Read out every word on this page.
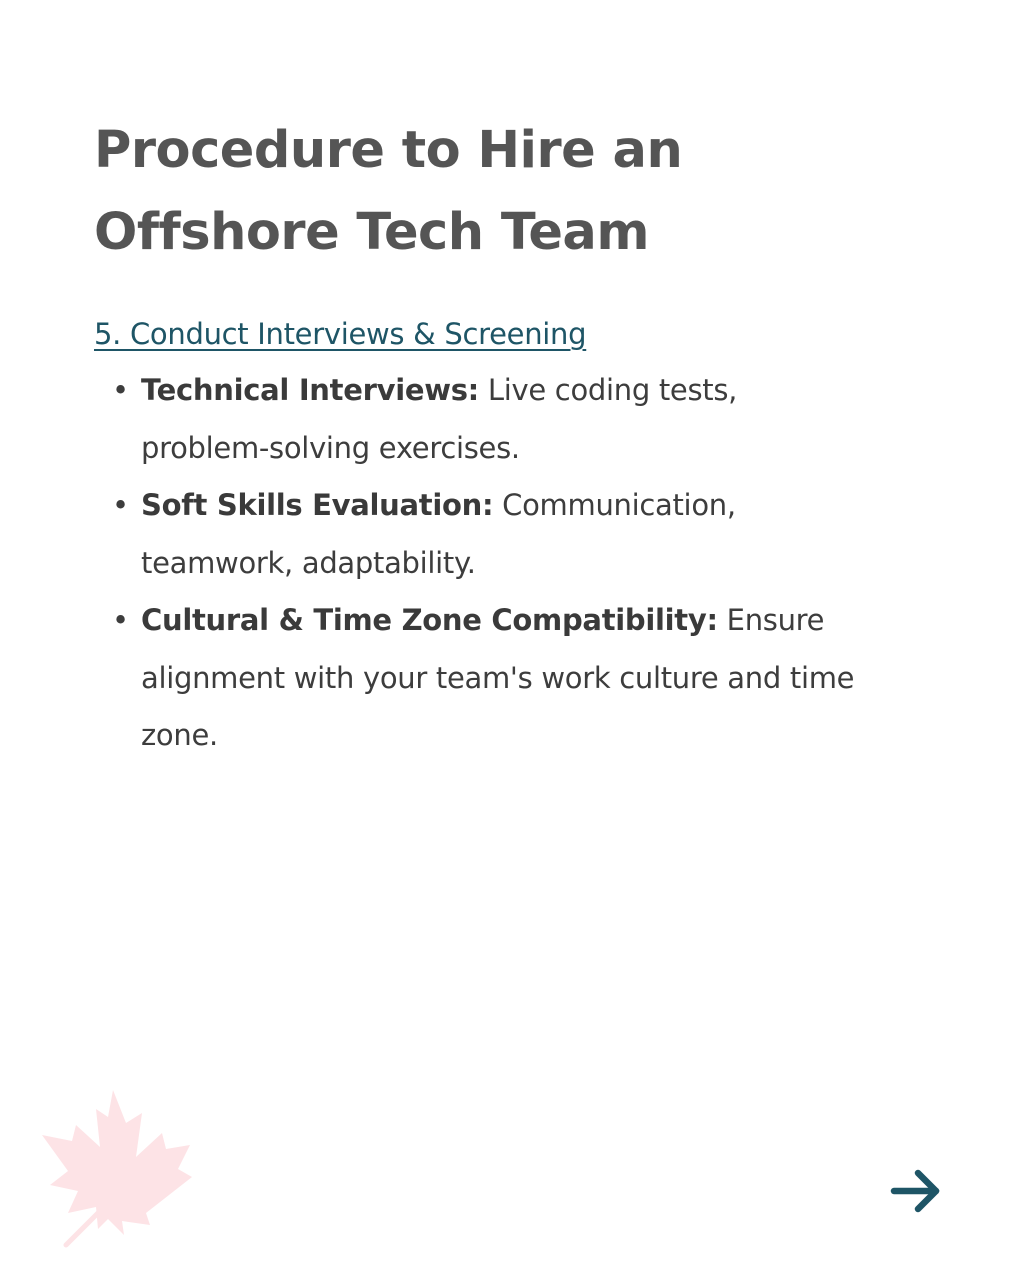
Procedure to Hire an Offshore Tech Team
5. Conduct Interviews & Screening
• Technical Interviews: Live coding tests, problem-solving exercises.
• Soft Skills Evaluation: Communication, teamwork, adaptability.
• Cultural & Time Zone Compatibility: Ensure alignment with your team's work culture and time zone.
